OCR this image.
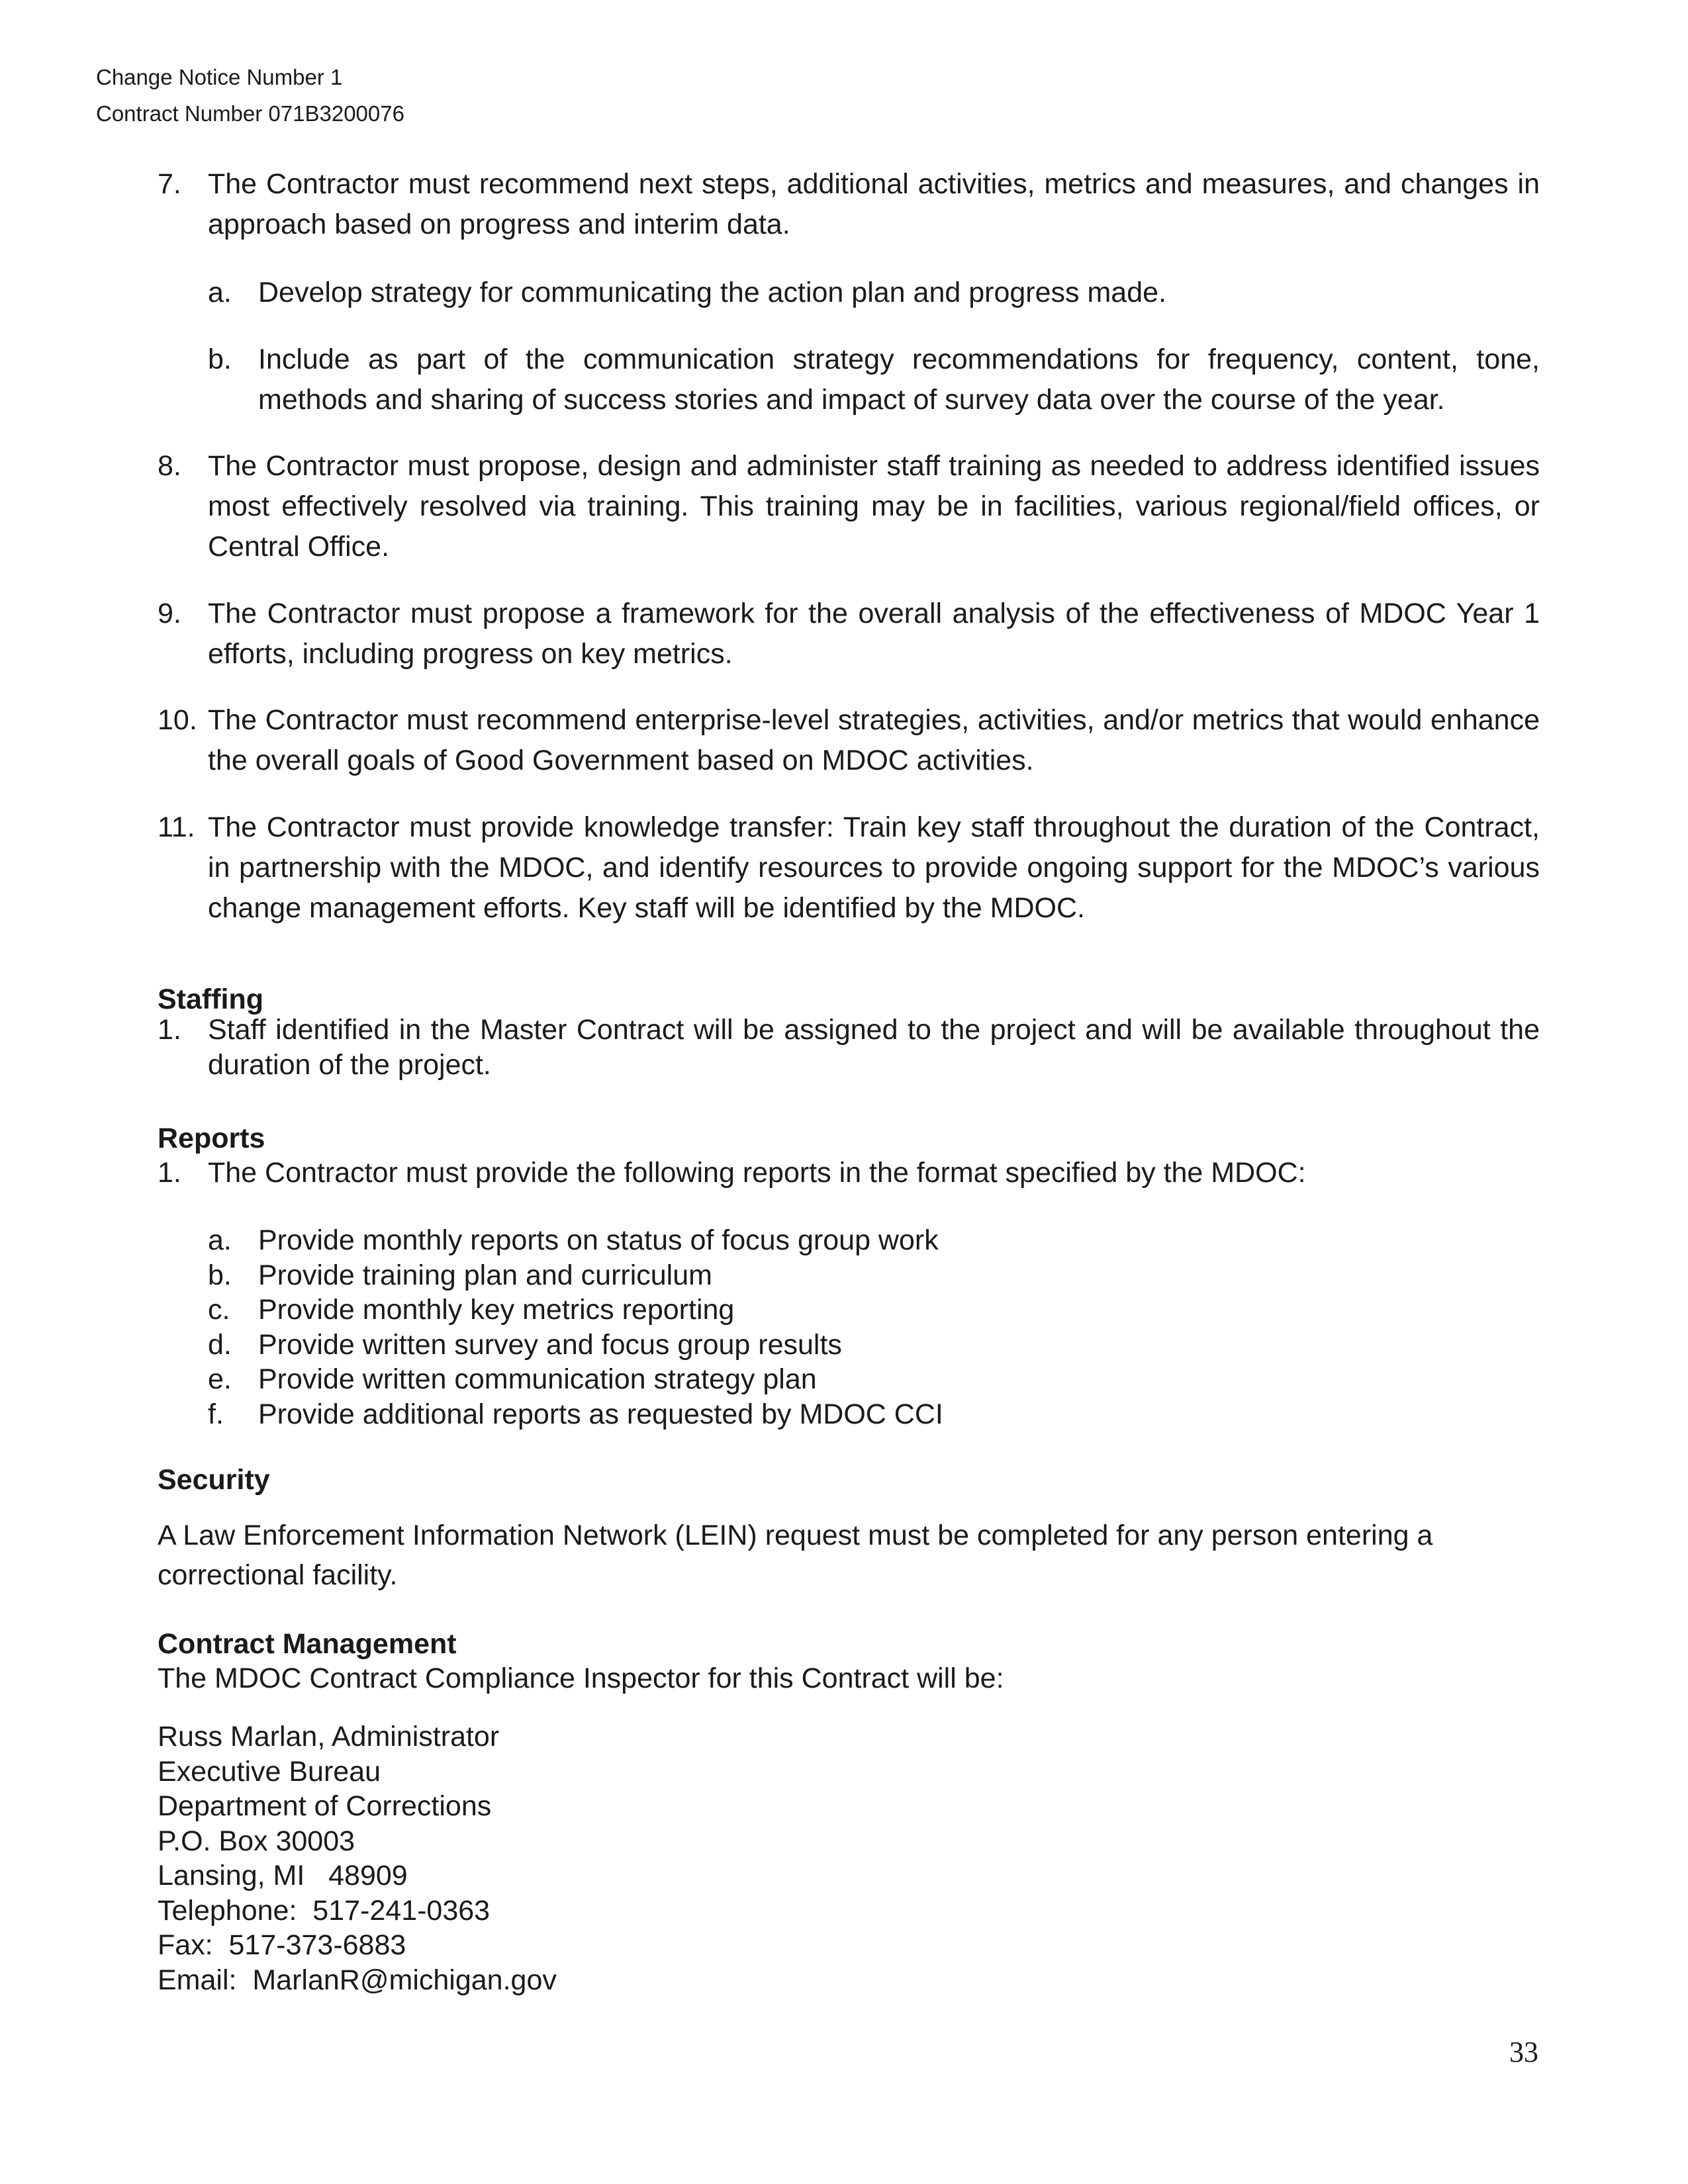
Change Notice Number 1
Contract Number 071B3200076
7. The Contractor must recommend next steps, additional activities, metrics and measures, and changes in approach based on progress and interim data.
a. Develop strategy for communicating the action plan and progress made.
b. Include as part of the communication strategy recommendations for frequency, content, tone, methods and sharing of success stories and impact of survey data over the course of the year.
8. The Contractor must propose, design and administer staff training as needed to address identified issues most effectively resolved via training. This training may be in facilities, various regional/field offices, or Central Office.
9. The Contractor must propose a framework for the overall analysis of the effectiveness of MDOC Year 1 efforts, including progress on key metrics.
10. The Contractor must recommend enterprise-level strategies, activities, and/or metrics that would enhance the overall goals of Good Government based on MDOC activities.
11. The Contractor must provide knowledge transfer: Train key staff throughout the duration of the Contract, in partnership with the MDOC, and identify resources to provide ongoing support for the MDOC’s various change management efforts. Key staff will be identified by the MDOC.
Staffing
1. Staff identified in the Master Contract will be assigned to the project and will be available throughout the duration of the project.
Reports
1. The Contractor must provide the following reports in the format specified by the MDOC:
a. Provide monthly reports on status of focus group work
b. Provide training plan and curriculum
c. Provide monthly key metrics reporting
d. Provide written survey and focus group results
e. Provide written communication strategy plan
f. Provide additional reports as requested by MDOC CCI
Security
A Law Enforcement Information Network (LEIN) request must be completed for any person entering a
correctional facility.
Contract Management
The MDOC Contract Compliance Inspector for this Contract will be:
Russ Marlan, Administrator
Executive Bureau
Department of Corrections
P.O. Box 30003
Lansing, MI   48909
Telephone:  517-241-0363
Fax:  517-373-6883
Email:  MarlanR@michigan.gov
33
